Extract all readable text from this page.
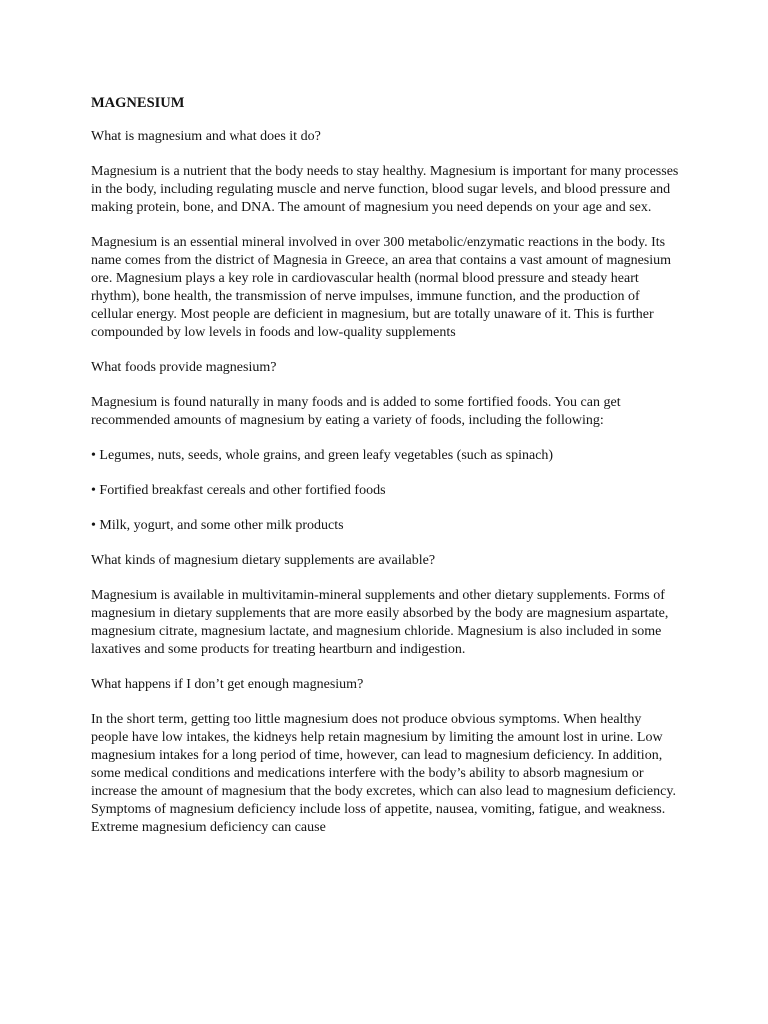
MAGNESIUM
What is magnesium and what does it do?
Magnesium is a nutrient that the body needs to stay healthy. Magnesium is important for many processes in the body, including regulating muscle and nerve function, blood sugar levels, and blood pressure and making protein, bone, and DNA. The amount of magnesium you need depends on your age and sex.
Magnesium is an essential mineral involved in over 300 metabolic/enzymatic reactions in the body. Its name comes from the district of Magnesia in Greece, an area that contains a vast amount of magnesium ore. Magnesium plays a key role in cardiovascular health (normal blood pressure and steady heart rhythm), bone health, the transmission of nerve impulses, immune function, and the production of cellular energy. Most people are deficient in magnesium, but are totally unaware of it. This is further compounded by low levels in foods and low-quality supplements
What foods provide magnesium?
Magnesium is found naturally in many foods and is added to some fortified foods. You can get recommended amounts of magnesium by eating a variety of foods, including the following:
• Legumes, nuts, seeds, whole grains, and green leafy vegetables (such as spinach)
• Fortified breakfast cereals and other fortified foods
• Milk, yogurt, and some other milk products
What kinds of magnesium dietary supplements are available?
Magnesium is available in multivitamin-mineral supplements and other dietary supplements. Forms of magnesium in dietary supplements that are more easily absorbed by the body are magnesium aspartate, magnesium citrate, magnesium lactate, and magnesium chloride. Magnesium is also included in some laxatives and some products for treating heartburn and indigestion.
What happens if I don’t get enough magnesium?
In the short term, getting too little magnesium does not produce obvious symptoms. When healthy people have low intakes, the kidneys help retain magnesium by limiting the amount lost in urine. Low magnesium intakes for a long period of time, however, can lead to magnesium deficiency. In addition, some medical conditions and medications interfere with the body’s ability to absorb magnesium or increase the amount of magnesium that the body excretes, which can also lead to magnesium deficiency. Symptoms of magnesium deficiency include loss of appetite, nausea, vomiting, fatigue, and weakness. Extreme magnesium deficiency can cause
